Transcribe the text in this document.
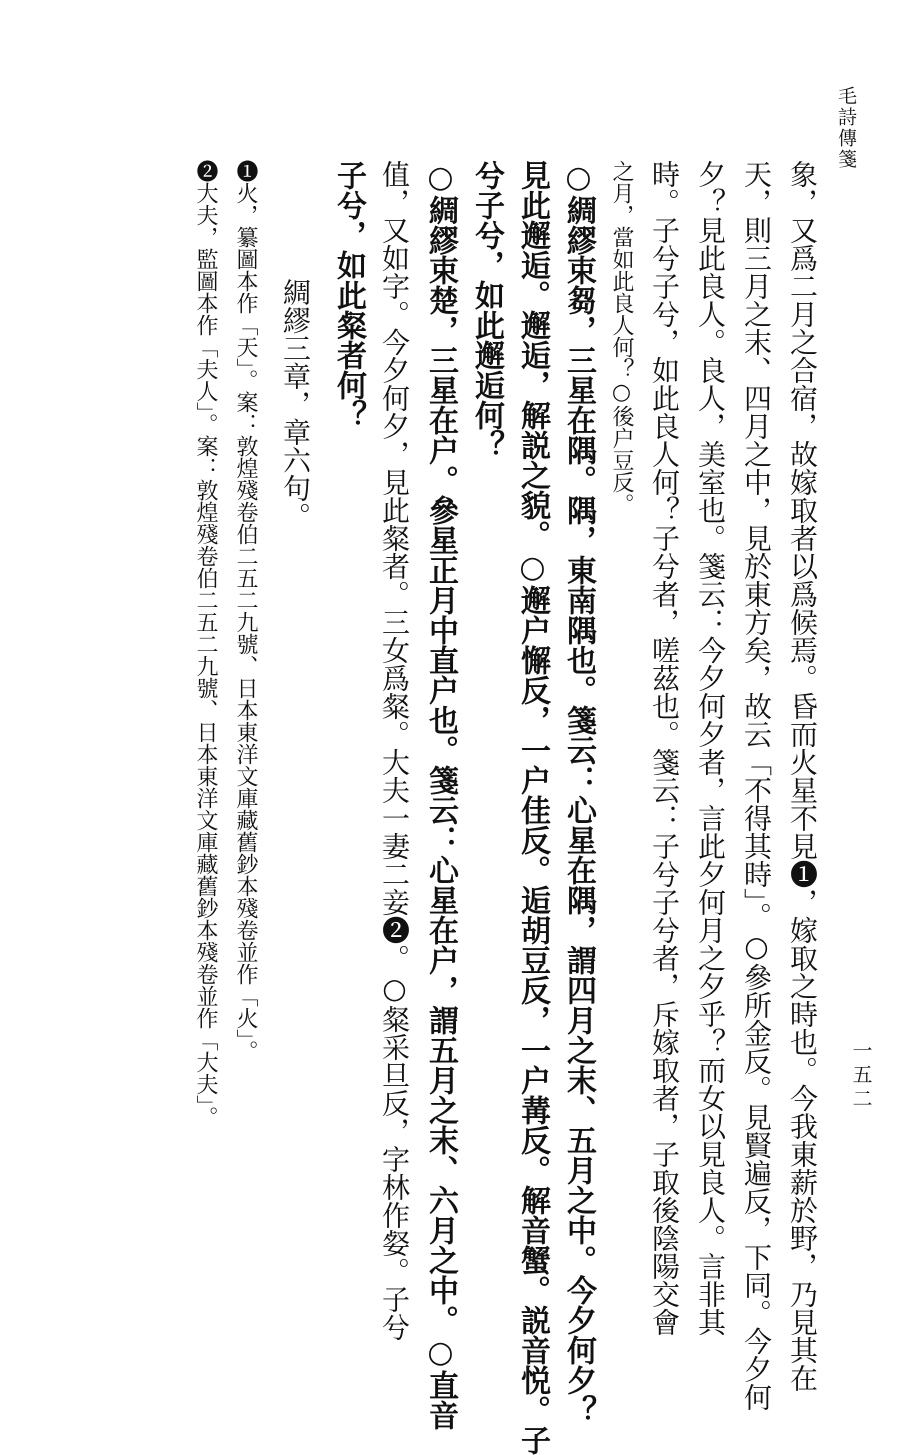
毛詩傳箋
一五二

象，又爲二月之合宿，故嫁取者以爲候焉。昏而火星不見❶，嫁取之時也。今我東薪於野，乃見其在

天，則三月之末、四月之中，見於東方矣，故云「不得其時」。○參所金反。見賢遍反，下同。今夕何

夕？見此良人。良人，美室也。箋云：今夕何夕者，言此夕何月之夕乎？而女以見良人。言非其

時。子兮子兮，如此良人何？子兮者，嗟茲也。箋云：子兮子兮者，斥嫁取者，子取後陰陽交會

之月，當如此良人何？○後户豆反。

○綢繆束芻，三星在隅。隅，東南隅也。箋云：心星在隅，謂四月之末、五月之中。今夕何夕？

見此邂逅。邂逅，解説之貌。○邂户懈反，一户佳反。逅胡豆反，一户冓反。解音蟹。説音悦。子

兮子兮，如此邂逅何？

○綢繆束楚，三星在户。參星正月中直户也。箋云：心星在户，謂五月之末、六月之中。○直音

值，又如字。今夕何夕，見此粲者。三女爲粲。大夫一妻二妾❷。○粲采旦反，字林作㛑。子兮

子兮，如此粲者何？

綢繆三章，章六句。

❶火，纂圖本作「天」。案：敦煌殘卷伯二五二九號、日本東洋文庫藏舊鈔本殘卷並作「火」。

❷大夫，監圖本作「夫人」。案：敦煌殘卷伯二五二九號、日本東洋文庫藏舊鈔本殘卷並作「大夫」。
